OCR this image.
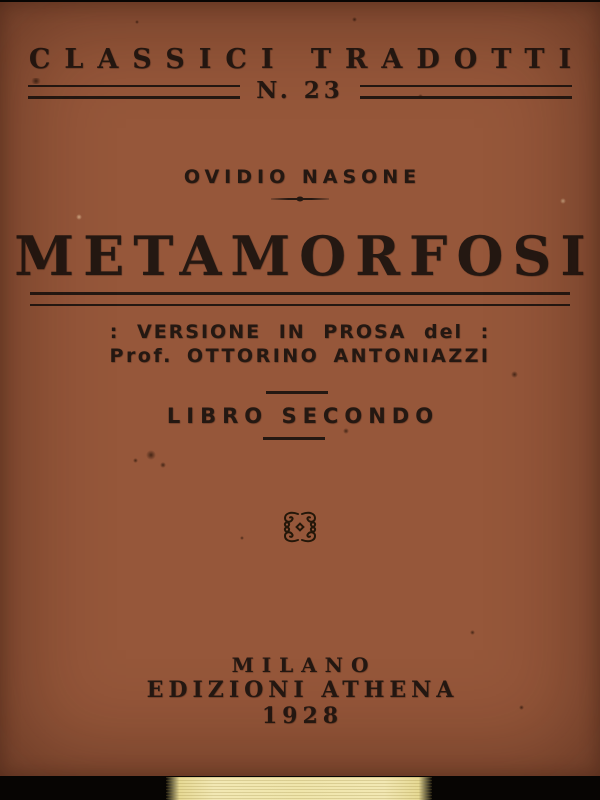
CLASSICI TRADOTTI
N. 23
OVIDIO NASONE
METAMORFOSI
: VERSIONE IN PROSA del :
Prof. OTTORINO ANTONIAZZI
LIBRO SECONDO
MILANO
EDIZIONI ATHENA
1928
